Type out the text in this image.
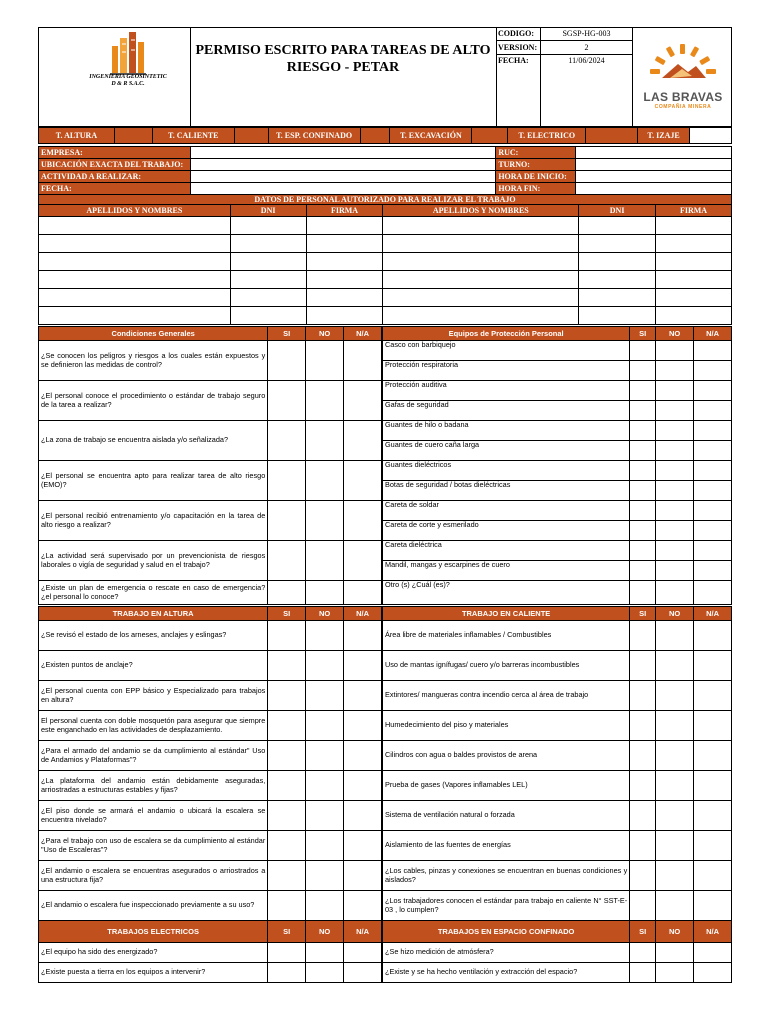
INGENIERIA GEOSINTETIC
D & R S.A.C.
PERMISO ESCRITO PARA TAREAS DE ALTO
RIESGO - PETAR
CODIGO:	SGSP-HG-003
VERSION:	2
FECHA:	11/06/2024
LAS BRAVAS
COMPAÑIA MINERA
T. ALTURA		T. CALIENTE		T. ESP. CONFINADO		T. EXCAVACIÓN		T. ELECTRICO		T. IZAJE	
EMPRESA:		RUC:	
UBICACIÓN EXACTA DEL TRABAJO:		TURNO:	
ACTIVIDAD A REALIZAR:		HORA DE INICIO:	
FECHA:		HORA FIN:	
DATOS DE PERSONAL AUTORIZADO PARA REALIZAR EL TRABAJO
APELLIDOS Y NOMBRES	DNI	FIRMA	APELLIDOS Y NOMBRES	DNI	FIRMA

Condiciones Generales	SI	NO	N/A
¿Se conocen los peligros y riesgos a los cuales están expuestos y se definieron las medidas de control?			
¿El personal conoce el procedimiento o estándar de trabajo seguro de la tarea a realizar?			
¿La zona de trabajo se encuentra aislada y/o señalizada?			
¿El personal se encuentra apto para realizar tarea de alto riesgo (EMO)?			
¿El personal recibió entrenamiento y/o capacitación en la tarea de alto riesgo a realizar?			
¿La actividad será supervisado por un prevencionista de riesgos laborales o vigía de seguridad y salud en el trabajo?			
¿Existe un plan de emergencia o rescate en caso de emergencia? ¿el personal lo conoce?			
Equipos de Protección Personal	SI	NO	N/A
Casco con barbiquejo			
Protección respiratoria			
Protección auditiva			
Gafas de seguridad			
Guantes de hilo o badana			
Guantes de cuero caña larga			
Guantes dieléctricos			
Botas de seguridad / botas dieléctricas			
Careta de soldar			
Careta de corte y esmerilado			
Careta dieléctrica			
Mandil, mangas y escarpines de cuero			
Otro (s) ¿Cuál (es)?			
TRABAJO EN ALTURA	SI	NO	N/A
¿Se revisó el estado de los arneses, anclajes y eslingas?			
¿Existen puntos de anclaje?			
¿El personal cuenta con EPP básico y Especializado para trabajos en altura?			
El personal cuenta con doble mosquetón para asegurar que siempre este enganchado en las actividades de desplazamiento.			
¿Para el armado del andamio se da cumplimiento al estándar" Uso de Andamios y Plataformas"?			
¿La plataforma del andamio están debidamente aseguradas, arriostradas a estructuras estables y fijas?			
¿El piso donde se armará el andamio o ubicará la escalera se encuentra nivelado?			
¿Para el trabajo con uso de escalera se da cumplimiento al estándar "Uso de Escaleras"?			
¿El andamio o escalera se encuentras asegurados o arriostrados a una estructura fija?			
¿El andamio o escalera fue inspeccionado previamente a su uso?			
TRABAJO EN CALIENTE	SI	NO	N/A
Área libre de materiales inflamables / Combustibles			
Uso de mantas ignífugas/ cuero y/o barreras incombustibles			
Extintores/ mangueras contra incendio cerca al área de trabajo			
Humedecimiento del piso y materiales			
Cilindros con agua o baldes provistos de arena			
Prueba de gases (Vapores inflamables LEL)			
Sistema de ventilación natural o forzada			
Aislamiento de las fuentes de energías			
¿Los cables, pinzas y conexiones se encuentran en buenas condiciones y aislados?			
¿Los trabajadores conocen el estándar para trabajo en caliente N° SST-E-03 , lo cumplen?			
TRABAJOS ELECTRICOS	SI	NO	N/A
¿El equipo ha sido des energizado?			
¿Existe puesta a tierra en los equipos a intervenir?			
TRABAJOS EN ESPACIO CONFINADO	SI	NO	N/A
¿Se hizo medición de atmósfera?			
¿Existe y se ha hecho ventilación y extracción del espacio?			
